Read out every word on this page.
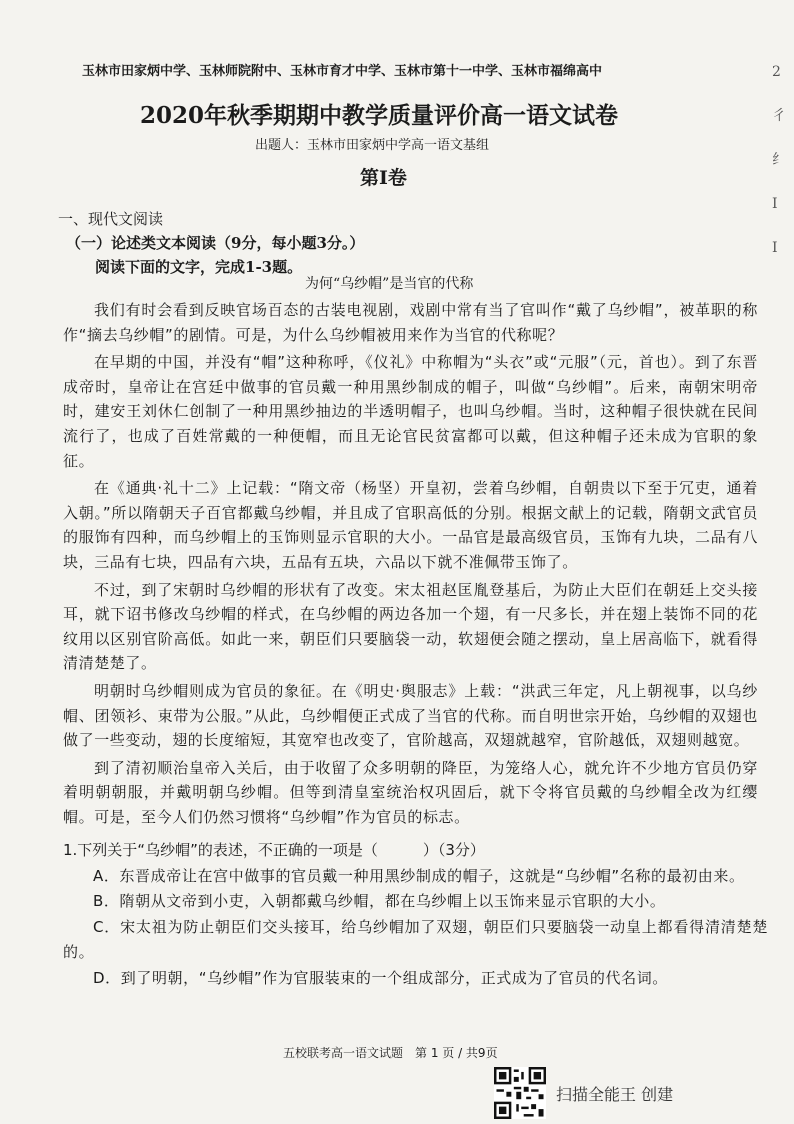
玉林市田家炳中学、玉林师院附中、玉林市育才中学、玉林市第十一中学、玉林市福绵高中
2020年秋季期期中教学质量评价高一语文试卷
出题人：玉林市田家炳中学高一语文基组
第I卷
一、现代文阅读
（一）论述类文本阅读（9分，每小题3分。）
阅读下面的文字，完成1-3题。
为何“乌纱帽”是当官的代称

我们有时会看到反映官场百态的古装电视剧，戏剧中常有当了官叫作“戴了乌纱帽”，被革职的称作“摘去乌纱帽”的剧情。可是，为什么乌纱帽被用来作为当官的代称呢？

在早期的中国，并没有“帽”这种称呼，《仪礼》中称帽为“头衣”或“元服”（元，首也）。到了东晋成帝时，皇帝让在宫廷中做事的官员戴一种用黑纱制成的帽子，叫做“乌纱帽”。后来，南朝宋明帝时，建安王刘休仁创制了一种用黑纱抽边的半透明帽子，也叫乌纱帽。当时，这种帽子很快就在民间流行了，也成了百姓常戴的一种便帽，而且无论官民贫富都可以戴，但这种帽子还未成为官职的象征。

在《通典·礼十二》上记载：“隋文帝（杨坚）开皇初，尝着乌纱帽，自朝贵以下至于冗吏，通着入朝。”所以隋朝天子百官都戴乌纱帽，并且成了官职高低的分别。根据文献上的记载，隋朝文武官员的服饰有四种，而乌纱帽上的玉饰则显示官职的大小。一品官是最高级官员，玉饰有九块，二品有八块，三品有七块，四品有六块，五品有五块，六品以下就不准佩带玉饰了。

不过，到了宋朝时乌纱帽的形状有了改变。宋太祖赵匡胤登基后，为防止大臣们在朝廷上交头接耳，就下诏书修改乌纱帽的样式，在乌纱帽的两边各加一个翅，有一尺多长，并在翅上装饰不同的花纹用以区别官阶高低。如此一来，朝臣们只要脑袋一动，软翅便会随之摆动，皇上居高临下，就看得清清楚楚了。

明朝时乌纱帽则成为官员的象征。在《明史·舆服志》上载：“洪武三年定，凡上朝视事，以乌纱帽、团领衫、束带为公服。”从此，乌纱帽便正式成了当官的代称。而自明世宗开始，乌纱帽的双翅也做了一些变动，翅的长度缩短，其宽窄也改变了，官阶越高，双翅就越窄，官阶越低，双翅则越宽。

到了清初顺治皇帝入关后，由于收留了众多明朝的降臣，为笼络人心，就允许不少地方官员仍穿着明朝朝服，并戴明朝乌纱帽。但等到清皇室统治权巩固后，就下令将官员戴的乌纱帽全改为红缨帽。可是，至今人们仍然习惯将“乌纱帽”作为官员的标志。

1.下列关于“乌纱帽”的表述，不正确的一项是（　　　）（3分）

A．东晋成帝让在宫中做事的官员戴一种用黑纱制成的帽子，这就是“乌纱帽”名称的最初由来。

B．隋朝从文帝到小吏，入朝都戴乌纱帽，都在乌纱帽上以玉饰来显示官职的大小。

C．宋太祖为防止朝臣们交头接耳，给乌纱帽加了双翅，朝臣们只要脑袋一动皇上都看得清清楚楚的。

D．到了明朝，“乌纱帽”作为官服装束的一个组成部分，正式成为了官员的代名词。

五校联考高一语文试题　第 1 页 / 共9页
扫描全能王 创建
2
彳
纟
I
I
